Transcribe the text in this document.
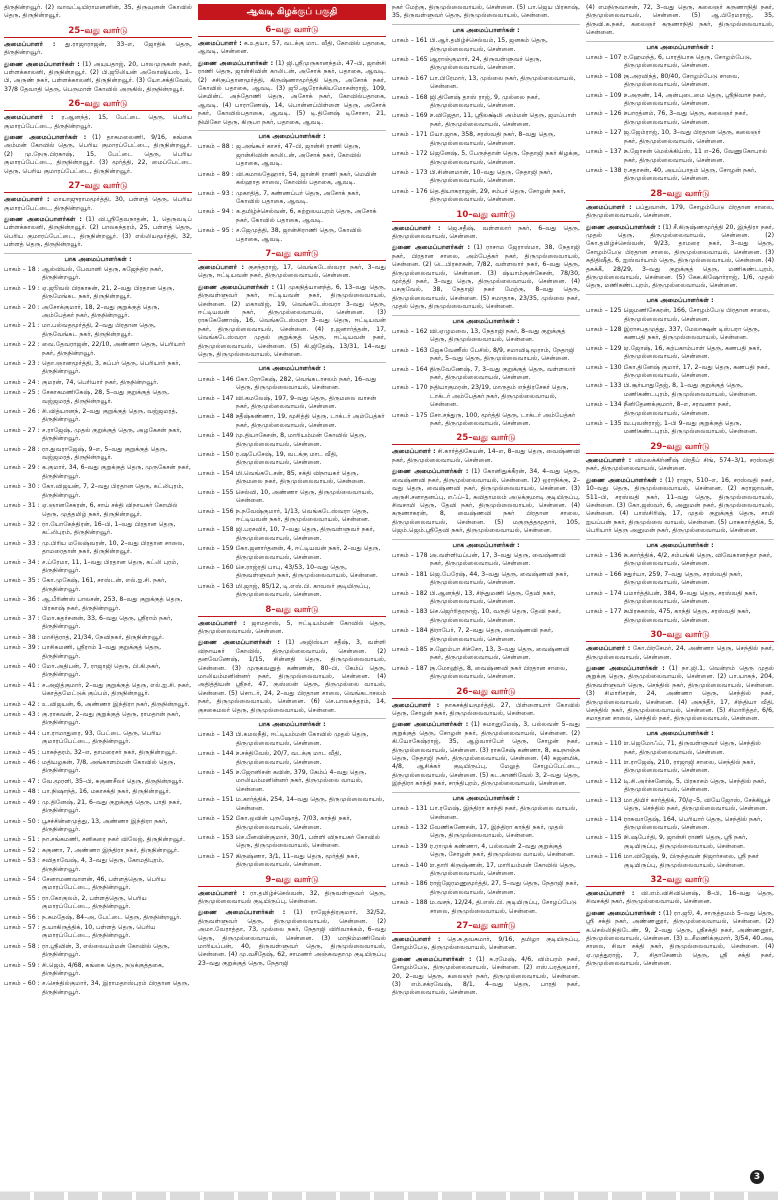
திருநின்றவூர். (2) வாவட்டியிராமனனின், 35, திருவுனன் கோவில் தெரு, திருநின்றவூர்.

25–வது வார்டு

அமைப்பாளர் : து.ராஜாராஜன், 33–எ, ஜோதிக் தெரு, திருநின்றவூர்.

துணை அமைப்பாளர்கள் : (1) அயுயதாஜ், 20, பாலமுருகன் நகர், பள்ளக்காலனி, திருநின்றவூர். (2) பி.ஜூலியன் அலோஷியஸ், 1–பி, அருண் நகர், பள்ளக்காலனி, திருநின்றவூர். (3) யோ.சக்திவேல், 37/8 தேவாதி தெரு, பெருமாள் கோவில் அருகில், திருநின்றவூர்.

26–வது வார்டு

அமைப்பாளர் : ர.ஆனந்த், 15, பேட்டை தெரு, பெரிய குமாரப்பேட்டை, திருநின்றவூர்.

துணை அமைப்பாளர்கள் : (1) தாசுமலைணி, 9/16, கங்கை அம்மன் கோவில் தெரு, பெரிய குமாரப்பேட்டை, திருநின்றவூர். (2) மு.நேரு.பிரகாஷ், 15, பேட்டை தெரு, பெரிய குமாரப்பேட்டை, திருநின்றவூர். (3) மூர்த்தி, 22, மைப்பேட்டை தெரு, பெரிய குமாரப்பேட்டை, திருநின்றவூர்.

27–வது வார்டு

அமைப்பாளர் : மாயாஜுராமமூர்த்தி, 30, பள்ளத் தெரு, பெரிய குமாரப்பேட்டை, திருநின்றவூர்.

துணை அமைப்பாளர்கள் : (1) வி.ஸ்ரீதேவநாதன், 1, தெருவடிப் பள்ளக்காலனி, திருநின்றவூர். (2) பாலசுந்தரம், 25, பள்ளத் தெரு, பெரிய குமாரப்பேட்டை, திருநின்றவூர். (3) எல்லியமூர்த்தி, 32, பள்ளத் தெரு, திருநின்றவூர்.

பாக அமைப்பாளர்கள் :
பாகம் – 18 : ஆல்வியல், பேவானி தெரு, கஜேந்திர நகர், திருநின்றவூர்.
பாகம் – 19 : ஏ.ஜூவல் பிரகாசுன், 21, 2–வது பிரதான தெரு, திருமேங்கட நகர், திருநின்றவூர்.
பாகம் – 20 : அசோக்குமார், 18, 2–வது குறுக்குத் தெரு, அம்பேத்கர் நகர், திருநின்றவூர்.
பாகம் – 21 : மா.பல்வதமூர்த்தி, 2–வது பிரதான தெரு, திருவேங்கட நகர், திருநின்றவூர்.
பாகம் – 22 : வை.தேவராஜன், 22/10, அண்ணா தெரு, பெரியார் நகர், திருநின்றவூர்.
பாகம் – 23 : தொ.ஞானமூர்த்தி, 3, சுப்பர் தெரு, பெரியார் நகர், திருநின்றவூர்.
பாகம் – 24 : குமரன், 74, பெரியார் நகர், திருநின்றவூர்.
பாகம் – 25 : சேகாகமணிகேஷ், 28, 5–வது குறுக்குத் தெரு, வஜ்ஜமரத், திருநின்றவூர்.
பாகம் – 26 : சி.வித்யானந், 2–வது குறுக்குத் தெரு, வஜ்ஜமரத், திருநின்றவூர்.
பாகம் – 27 : ச.ராஜேஷ், முதல் குறுக்குத் தெரு, அழகேசன் நகர், திருநின்றவூர்.
பாகம் – 28 : ரா.துவராஜேஷ், 9–எ, 5–வது குறுக்குத் தெரு, வஜ்ஜமரத், திருநின்றவூர்.
பாகம் – 29 : க.குமார், 34, 6–வது குறுக்குத் தெரு, முருகேசன் நகர், திருநின்றவூர்.
பாகம் – 30 : கோ.விஜயன், 7, 2–வது பிரதான தெரு, கட்லிபுரம், திருநின்றவூர்.
பாகம் – 31 : ஏ.ஞானசேகரன், 6, சாய் சக்தி விநாயகர் கோயில் தெரு, முத்தமிழ் நகர், திருநின்றவூர்.
பாகம் – 32 : ரா.யோகேந்திரன், 16–பி, 1–வது பிரதான தெரு, கட்லிபுரம், திருநின்றவூர்.
பாகம் – 33 : மு.பிரிய மலேஷ்வரன், 10, 2–வது பிரதான சாலை, தாமரைதான் நகர், திருநின்றவூர்.
பாகம் – 34 : ச.ப்ரேமா, 11, 1–வது பிரதான தெரு, கட்லி புரம், திருநின்றவூர்.
பாகம் – 35 : கோ.முகேஷ், 161, சாஸ்டன், எல்.ஐ.சி. நகர், திருநின்றவூர்.
பாகம் – 36 : ஆ.பீரிண்ஸ் பாலசன், 253, 8–வது குறுக்குத் தெரு, பிரகாஷ் நகர், திருநின்றவூர்.
பாகம் – 37 : மோ.கதர்சனன், 33, 6–வது தெரு, ஸ்ரீராம் நகர், திருநின்றவூர்.
பாகம் – 38 : மாசித்ராத், 21/34, நேவிநகர், திருநின்றவூர்.
பாகம் – 39 : பாசிகமணி, ஸ்ரீராம் 1–வது குறுக்குத் தெரு, திருநின்றவூர்.
பாகம் – 40 : மோ.அதிபன், 7, ராஜாஜி தெரு, பி.கி.நகர், திருநின்றவூர்.
பாகம் – 41 : ச.அஜித்குமார், 2–வது குறுக்குத் தெரு, எல்.ஐ.சி. நகர், கொத்தமேட்டுக் குப்பம், திருநின்றவூர்.
பாகம் – 42 : உ.விஜயன், 6, அண்ணா இந்திரா நகர், திருநின்றவூர்.
பாகம் – 43 : கு.ராகவன், 2–வது குறுக்குத் தெரு, ராமதான் நகர், திருநின்றவூர்.
பாகம் – 44 : பா.ராமாதுரை, 93, பேட்டை தெரு, பெரிய குமாரப்பேட்டை, திருநின்றவூர்.
பாகம் – 45 : பாசுந்தரம், 32–எ, தாமரைசர் நகர், திருநின்றவூர்.
பாகம் – 46 : மதியழகன், 7/8, அங்காளம்மன் கோவில் தெரு, திருநின்றவூர்.
பாகம் – 47 : வே.மூரளி, 35–பி, சுகுணசீலர் தெரு, திருநின்றவூர்.
பாகம் – 48 : பா.நிஷாந்த், 16, மகாசக்தி நகர், திருநின்றவூர்.
பாகம் – 49 : மு.தினேஷ், 21, 6–வது குறுக்குத் தெரு, பாதி நகர், திருநின்றவூர்.
பாகம் – 50 : பூசச்சின்னமுத்து, 13, அண்ணா இந்திரா நகர், திருநின்றவூர்.
பாகம் – 51 : நா.சங்கமணி, சனிகரை நகர் விலேஜ், திருநின்றவூர்.
பாகம் – 52 : சுகுணா, 7, அண்ணா இந்திரா நகர், திருநின்றவூர்.
பாகம் – 53 : சவிதாவேஷ், 4, 3–வது தெரு, கோமதிபுரம், திருநின்றவூர்.
பாகம் – 54 : சேனாமணவாளன், 46, பள்ளத்தெரு, பெரிய குமாரப்பேட்டை, திருநின்றவூர்.
பாகம் – 55 : ரா.கோகுலம், 2, பள்ளத்தெரு, பெரிய குமாரப்பேட்டை, திருநின்றவூர்.
பாகம் – 56 : ந.சுமதேஷ், 84–அ, பேட்டை தெரு, திருநின்றவூர்.
பாகம் – 57 : த.யாகிருத்திக், 10, பள்ளத் தெரு, பெரிய குமாரப்பேட்டை, திருநின்றவூர்.
பாகம் – 58 : ரா.ஸ்ரீவின், 3, எல்லையம்மன் கோவில் தெரு, திருநின்றவூர்.
பாகம் – 59 : சி.ஜெம், 4/68, கங்கை தெரு, நடுக்குத்தகை, திருநின்றவூர்.
பாகம் – 60 : ச.செந்தில்குமார், 34, இராமதாஸ்புரம் பிரதான தெரு, திருநின்றவூர்.
ஆவடி கிழக்குப் பகுதி
6–வது வார்டு

அமைப்பாளர் : க.உதயா, 57, வடக்கு மாட வீதி, கோவில் பதாகை, ஆவடி, சென்னை.

துணை அமைப்பாளர்கள் : (1) ஜி.ஸ்ரீமுருகானந்தம், 47–பி, ஜான்சி ராணி தெரு, ஜான்சிவின் காலிடன், அசோக் நகர், பதாகை, ஆவடி. (2) சசிகுப்தானமூர்த்தி, கிருஷ்ணாமூர்த்தி தெரு, அசோக் நகர், கோவில் பதாகை, ஆவடி. (3) ஜூ.ஆரோக்கியமோசன்ராஜ், 109, செயின்ட் அந்தோணி தெரு, அசோக் நகர், கோவில்பதாகை, ஆவடி. (4) பாராணேஷ், 14, பொன்னப்பிள்ளை தெரு, அசோக் நகர், கோவில்பதாகை, ஆவடி. (5) டி.தினேஷ் டிசோசா, 21, நியிகோ தெரு, கிருபா நகர், பதாகை, ஆவடி.

பாக அமைப்பாளர்கள் :
பாகம் – 88 : ஜ.அங்கூர் காசர், 47–பி, ஜான்சி ராணி தெரு, ஜான்சிவின் காலிடன், அசோக் நகர், கோவில் பதாகை, ஆவடி.
பாகம் – 89 : வி.கமாலதேஹார், 54, ஜான்சி ராணி நகர், மெயின் கல்ஹாத சாலை, கோவில் பதாகை, ஆவடி.
பாகம் – 93 : முகாதித், 7, கண்ணப்பர் தெரு, அசோக் நகர், கோவில் பதாகை, ஆவடி.
பாகம் – 94 : க.தமிழ்ச்செல்வன், 6, சுற்றுலயபுரம் தெரு, அசோக் நகர், கோவில் பதாகை, ஆவடி.
பாகம் – 95 : ச.ஜேமுத்தி, 38, ஜான்சிராணி தெரு, கோவில் பதாகை, ஆவடி.
7–வது வார்டு

அமைப்பாளர் : குசந்தராஜ், 17, வெங்கடேஸ்வரா நகர், 3–வது தெரு, ஈட்டியவன் நகர், திருமுல்லைவாயல், சென்னை.

துணை அமைப்பாளர்கள் : (1) முகநித்யானந்த், 6, 13–வது தெரு, திருவள்ளுவர் நகர், ஈட்டியவன் நகர், திருமுல்லைவாயல், சென்னை. (2) மகாவிஜ், 19, வெங்கடேஸ்வரா 3–வது தெரு, ஈட்டியவன் நகர், திருமுல்லைவாயல், சென்னை. (3) ராசுகேணோஷ், 16, வெங்கடேஸ்வரா 3–வது தெரு, ஈட்டியவன் நகர், திருமுல்லைவாயல், சென்னை. (4) ர.ஜனார்த்தன், 17, வெங்கடேஸ்வரா முதல் குறுக்குத் தெரு, ஈட்டியவன் நகர், திருமுல்லைவாயல், சென்னை. (5) கி.ஜிதேஷ், 13/31, 14–வது தெரு, திருமுல்லைவாயல், சென்னை.

பாக அமைப்பாளர்கள் :
பாகம் – 146 :
கோ.ரோகேஷ், 282, வெங்கடாசலம் நகர், 16–வது தெரு, திருமுல்லைவாயல், சென்னை.
பாகம் – 147 :
வி.கமலேஷ், 197, 9–வது தெரு, திருமலை வாசன் நகர், திருமுல்லைவாயல், சென்னை.
பாகம் – 148 :
சதீஷ்கண்ணா, 19, மூசித்தி தெரு, டாக்டர் அம்பேத்கர் நகர், திருமுல்லைவாயல், சென்னை.
பாகம் – 149 :
மு.தியாகேசன், 8, மாரியம்மன் கோவில் தெரு, திருமுல்லைவாயல், சென்னை.
பாகம் – 150 :
ர.ஷபேசேஷ், 19, வடக்கு மாட வீதி, திருமுல்லைவாயல், சென்னை.
பாகம் – 154 :
மி.வெங்கடேசன், 85, சக்தி விநாயகர் தெரு, திருமலை நகர், திருமுல்லைவாயல், சென்னை.
பாகம் – 155 :
செல்வி, 10, அண்ணா தெரு, திருமுல்லைவாயல், சென்னை.
பாகம் – 156 :
ந.நவேஷ்குமார், 1/13, வெங்கடேஸ்வரா தெரு, ஈட்டியவன் நகர், திருமுல்லைவாயல், சென்னை.
பாகம் – 158 :
ஜி.பரசவிர், 10, 7–வது தெரு, திருவள்ளுவர் நகர், திருமுல்லைவாயல், சென்னை.
பாகம் – 159 :
கோ.ஜனார்தனன், 4, ஈட்டியவன் நகர், 2–வது தெரு, திருமுல்லைவாயல், சென்னை.
பாகம் – 160 :
செ.ராஜ்ரதி பாபு, 43/53, 10–வது தெரு, திருவள்ளுவர் நகர், திருமுல்லைவாயல், சென்னை.
பாகம் – 163 :
மி.ஜாஜ், 85/12, டி.எஸ்.பி. காவலர் குடியிருப்பு, திருமுல்லைவாயல், சென்னை.
8–வது வார்டு

அமைப்பாளர் : ஜாமதாஸ், 5, ஈட்டியம்மன் கோவில் தெரு, திருமுல்லைவாயல், சென்னை.

துணை அமைப்பாளர்கள் : (1) அஜிஸ்யா சதீஷ், 3, வள்ளி விநாயகர் கோவில், திருமுல்லைவாயல், சென்னை. (2) தனவேணேஷ், 1/15, சின்னதி தெரு, திருமுல்லைவாயல், சென்னை. (3) முருகவனுத் கண்ணன், 80–பி, கேம்ப் தெரு, மாலியம்மனின்னர் நகர், திருமுல்லைவாயல், சென்னை. (4) அதித்தியன் ஸ்ரீநர், 47, குஸ்ஸன் தெரு, திருமுல்லை வாயல், சென்னை. (5) சொடர், 24, 2–வது பிரதான சாலை, வெங்கடாசலம் நகர், திருமுல்லைவாயல், சென்னை. (6) செ.பாலசுந்தரம், 14, குசகைமலர் தெரு, திருமுல்லைவாயல், சென்னை.

பாக அமைப்பாளர்கள் :
பாகம் – 143 :
பி.கமலநீதி, ஈட்டியம்மன் கோவில் முதல் தெரு, திருமுல்லைவாயல், சென்னை.
பாகம் – 144 :
ச.சக்திவேல், 20/7, வடக்கு மாட வீதி, திருமுல்லைவாயல், சென்னை.
பாகம் – 145 :
ச.ஜோனிசன் கவின், 379, கேம்ப் 4–வது தெரு, மாலியம்மனின்னர் நகர், திருமுல்லை வாயல், சென்னை.
பாகம் – 151 :
ம.கார்த்திக், 254, 14–வது தெரு, திருமுல்லைவாயல், சென்னை.
பாகம் – 152 :
கோ.ஒவின் புருஷோத், 7/03, காந்தி நகர், திருமுல்லைவாயல், சென்னை.
பாகம் – 153 :
செ.பீனவின்குமார், 30/1, பள்ளி விநாயகர் கோவில் தெரு, திருமுல்லைவாயல், சென்னை.
பாகம் – 157 :
கிருஷ்ணா, 3/1, 11–வது தெரு, மூர்த்தி நகர், திருமுல்லைவாயல், சென்னை.
9–வது வார்டு

அமைப்பாளர் : ரா.தமிழ்ச்செல்வன், 32, திருவள்ளுவர் தெரு, திருமுல்லைவாயல் குடியிருப்பு, சென்னை.

துணை அமைப்பாளர்கள் : (1) ராஜேந்திரகுமார், 32/52, திருவள்ளுவர் தெரு, திருமுல்லைவாயல், சென்னை. (2) அமா.வேராத்தா, 73, முல்லை நகர், நேதாஜி விரிவாக்கம், 6–வது தெரு, திருமுல்லைவாயல், சென்னை. (3) மாநிம்மணிவேல் மாரியப்பன், 40, திருவள்ளுவர் தெரு, திருமுல்லைவாயல், சென்னை. (4) மு.வசீதேஷ், 62, சாமணர் அஞ்சுவதாமு குடியிருப்பு 23–வது குறுக்குத் தெரு, நேதாஜி

நகர் மேற்கு, திருமுல்லைவாயல், சென்னை. (5) பா.ஜெய பிரகாஷ், 35, திருவள்ளுவர் தெரு, திருமுல்லைவாயல், சென்னை.

பாக அமைப்பாளர்கள் :
பாகம் – 161 :
பி.ஆர்.தமிழ்ச்செல்வம், 15, ஜனகம் தெரு, திருமுல்லைவாயல், சென்னை.
பாகம் – 165 :
ஆராஞ்குமார், 24, திருவள்ளுவர் தெரு, திருமுல்லைவாயல், சென்னை.
பாகம் – 167 :
பா.பிரேமார், 13, முல்லை நகர், திருமுல்லைவாயல், சென்னை.
பாகம் – 168 :
ஜி.தினேஷ் தாஸ் ராஜ், 9, முல்லை நகர், திருமுல்லைவாயல், சென்னை.
பாகம் – 169 :
ச.விஜேதா, 11, ஸ்ரீலக்ஷ்மி அம்மன் தெரு, ஜமப்பாள் நகர், திருமுல்லைவாயல், சென்னை.
பாகம் – 171 :
யோ.ஜாசு, 358, சரஸ்வதி நகர், 8–வது தெரு, திருமுல்லைவாயல், சென்னை.
பாகம் – 172 :
ஜெனேஷ், 5, பேருந்தான் தெரு, நேதாஜி நகர் கிழக்கு, திருமுல்லைவாயல், சென்னை.
பாகம் – 173 :
பி.சின்னமான், 10–வது தெரு, நேதாஜி நகர், திருமுல்லைவாயல், சென்னை.
பாகம் – 176 :
தெ.தியாகராஜன், 29, சம்பர் தெரு, சோழன் நகர், திருமுல்லைவாயல், சென்னை.
10–வது வார்டு

அமைப்பாளர் : ஜெ.சதீஷ், வள்ளலார் நகர், 6–வது தெரு, திருமுல்லைவாயல், சென்னை.

துணை அமைப்பாளர்கள் : (1) ராசாம ஜேராஸ்மா, 38, நேதாஜி நகர், பிரதான சாலை, அம்பேத்கர் நகர், திருமுல்லைவாயல், சென்னை. (2) டெ.பிரகாசுன், 7/82, வள்ளலார் நகர், 6–வது தெரு, திருமுல்லைவாயல், சென்னை. (3) ஷ்யாம்குன்கேசன், 78/30, மூர்த்தி நகர், 3–வது தெரு, திருமுல்லைவாயல், சென்னை. (4) பசகுவேல், 38, நேதாஜி நகர் மேற்கு, 8–வது தெரு, திருமுல்லைவாயல், சென்னை. (5) சமாதாசு, 23/35, முல்லை நகர், முதல் தெரு, திருமுல்லைவாயல், சென்னை.

பாக அமைப்பாளர்கள் :
பாகம் – 162 :
வி.ஏழுமலை, 13, நேதாஜி நகர், 8–வது குறுக்குத் தெரு, திருமுல்லைவாயல், சென்னை.
பாகம் – 163 :
ஜேசுவேணீஸ் பேசில், 8/9, சமாவிடிமூராம், நேதாஜி நகர், 5–வது தெரு, திருமுல்லைவாயல், சென்னை.
பாகம் – 164 :
திருவேணேஷ், 7, 3–வது குறுக்குத் தெரு, வள்ளலார் நகர், திருமுல்லைவாயல், சென்னை.
பாகம் – 170 :
நதியாகுமரன், 23/19, மாருதம் எந்திரசேகர் தெரு, டாக்டர் அம்பேத்கர் நகர், திருமுல்லைவாயல், சென்னை.
பாகம் – 175 :
சோ.சந்துரு, 100, மூர்த்தி தெரு, டாக்டர் அம்பேத்கர் நகர், திருமுல்லைவாயல், சென்னை.
25–வது வார்டு

அமைப்பாளர் : சி.கார்த்திகேயன், 14–எ, 8–வது தெரு, வைஷ்ணவி நகர், திருமுல்லைவாயல், சென்னை.

துணை அமைப்பாளர்கள் : (1) கோனிதுக்கீரன், 34, 4–வது தெரு, வைஷ்ணவி நகர், திருமுல்லைவாயல், சென்னை. (2) ஒராநிக்கு, 2–வது தெரு, வைஷ்ணவி நகர், திருமுல்லைவாயல், சென்னை. (3) அருசி.சனாதனப்பு, எஃப்–1, சுவிதாமலம் அடுக்குமாடி குடியிருப்பு, சிவசாமி தெரு, தேவி நகர், திருமுல்லைவாயல், சென்னை. (4) கருணாகரன், 8, வைஷ்ணவி நகர் பிரதான சாலை, திருமுல்லைவாயல், சென்னை. (5) மகுருத்தமூதார், 105, ஜெம்.ஜெம்.ஸ்ரீதேவி நகர், திருமுல்லைவாயல், சென்னை.

பாக அமைப்பாளர்கள் :
பாகம் – 178 :
அ.வள்ளியப்பன், 17, 3–வது தெரு, வைஷ்ணவி நகர், திருமுல்லைவாயல், சென்னை.
பாகம் – 181 :
ஜெ.பேரேஷ், 44, 3–வது தெரு, வைஷ்ணவி நகர், திருமுல்லைவாயல், சென்னை.
பாகம் – 182 :
பி.ஆனந்தி, 13, சிந்துமணி தெரு, தேவி நகர், திருமுல்லைவாயல், சென்னை.
பாகம் – 183 :
செ.ஜெர்ரிதரநாஜ், 10, வருதி தெரு, தேவி நகர், திருமுல்லைவாயல், சென்னை.
பாகம் – 184 :
திராபேர், 7, 2–வது தெரு, வைஷ்ணவி நகர், திருமுல்லைவாயல், சென்னை.
பாகம் – 185 :
ச.ஹேம்பா சிச்சோ, 13, 3–வது தெரு, வைஷ்ணவி நகர், திருமுல்லைவாயல், சென்னை.
பாகம் – 187 :
கு.மோஹித், 8, வைஷ்ணவி நகர் பிரதான சாலை, திருமுல்லைவாயல், சென்னை.
26–வது வார்டு

அமைப்பாளர் : நாசுசக்தியமூர்த்தி, 27, பிள்ளையார் கோவில் தெரு, சோழன் நகர், திருமுல்லைவாயல், சென்னை.

துணை அமைப்பாளர்கள் : (1) சுமானுமேஷ், 3, பல்லவன் 5–வது குறுக்குத் தெரு, சோழன் நகர், திருமுல்லைவாயல், சென்னை. (2) கி.யோகேஷ்ராஜ், 35, ஆழ்வார்பேர் தெரு, சோழன் நகர், திருமுல்லைவாயல், சென்னை. (3) ராசுசேஷ் கண்ணா, 8, சுயநாஞ்சு தெரு, நேதாஜி நகர், திருமுல்லைவாயல், சென்னை. (4) சுஜனமிக், 4/8, ஆசிக்கர் குடியிருப்பு, மேலுத் சோழப்பேட்டை, திருமுல்லைவாயல், சென்னை. (5) கட.காணிவேல் 3, 2–வது தெரு, இந்திரா காந்தி நகர், சாந்திபுரம், திருமுல்லைவாயல், சென்னை.

பாக அமைப்பாளர்கள் :
பாகம் – 131 :
பா.ரமேஷ், இந்திரா காந்தி நகர், திருமுல்லை வாயல், சென்னை.
பாகம் – 132 :
வேணிகணேசன், 17, இந்திரா காந்தி நகர், முதல் தெரு, திருமுல்லைவாயல், சென்னை.
பாகம் – 139 :
ர.ராமுக் கண்ணா, 4, பல்லவன் 2–வது குறுக்குத் தெரு, சோழன் நகர், திருமுல்லை வாயல், சென்னை.
பாகம் – 140 :
எ.தாரி கிருஷ்ணன், 17, மாரியம்மன் கோவில் தெரு, திருமுல்லைவாயல், சென்னை.
பாகம் – 186 :
ராஜ்ஜேரமணுமூர்த்தி, 27, 5–வது தெரு, நேதாஜி நகர், திருமுல்லைவாயல், சென்னை.
பாகம் – 188 :
ம.வசந், 12/24, தி.எஸ்.பி. குடியிருப்பு, சோழப்பேடு சாலை, திருமுல்லைவாயல், சென்னை.
27–வது வார்டு

அமைப்பாளர் : தெ.சு.தவசுமார், 9/16, தமிழா குடியிருப்பு, சோழம்பேடு, திருமுல்லைவாயல், சென்னை.

துணை அமைப்பாளர்கள் : (1) சு.ரமேஷ், 4/6, விம்பரம் நகர், சோழம்பேடு, திருமுல்லைவாயல், சென்னை. (2) எஸ்.பரத்குமார், 20, 2–வது தெரு, கலைஞர் நகர், திருமுல்லைவாயல், சென்னை. (3) எம்.சக்ரவேஷ், 8/1, 4–வது தெரு, பாரதி நகர், திருமுல்லைவாயல், சென்னை.

(4) எமநிருவாசன், 72, 3–வது தெரு, கலைஞர் கருணாநிதி நகர், திருமுல்லைவாயல், சென்னை. (5) ஆ.பிரேமராஜ், 35, திருவி.க.நகர், கலைஞர் கருணாநிதி நகர், திருமுல்லைவாயல், சென்னை.

பாக அமைப்பாளர்கள் :
பாகம் – 107 :
ர.ஹேமந்த், 6, பாரதிபாசு தெரு, சோழம்பேடு, திருமுல்லைவாயல், சென்னை.
பாகம் – 108 :
கு.அரவிந்த், 80/40, சோழம்பேடு சாலை, திருமுல்லைவாயல், சென்னை.
பாகம் – 109 :
ச.அருண், 14, அன்புடைமை தெரு, ஸ்ரீநிவாச நகர், திருமுல்லைவாயல், சென்னை.
பாகம் – 126 :
சபாரத்னம், 76, 3–வது தெரு, கலைஞர் நகர், திருமுல்லைவாயல், சென்னை.
பாகம் – 127 :
ஜ.ஜேம்ராஜ், 10, 3–வது பிரதான தெரு, கலைஞர் நகர், திருமுல்லைவாயல், சென்னை.
பாகம் – 137 :
சு.ஜோசன் மெல்க்கிய்ஸ், 11 எ–26, வேணுகோபால் நகர், திருமுல்லைவாயல், சென்னை.
பாகம் – 138 :
ர.சதாசன், 40, அயப்பாதம் தெரு, சோழன் நகர், திருமுல்லைவாயல், சென்னை.
28–வது வார்டு

அமைப்பாளர் : பப்துவான், 179, சோழம்பேடு பிரதான சாலை, திருமுல்லைவாயல், சென்னை.

துணை அமைப்பாளர்கள் : (1) சீ.கிருஷ்ணமூர்த்தி 20, இந்திரா நகர், முதல் தெரு, திருமுல்லைவாயல், சென்னை. (2) கோ.தமிழ்ச்செல்வன், 9/23, தாமரை நகர், 3–வது தெரு, சோழம்பேடு பிரதான சாலை, திருமுல்லைவாயல், சென்னை. (3) சுதிதிஷீத், 6, ஐஸ்வர்யாம் தெரு, திருமுல்லைவாயல், சென்னை. (4) தசுக்கீ, 28/29, 3–வது குறுக்குத் தெரு, மணிகண்டபுரம், திருமுல்லைவாயல், சென்னை. (5) கேசு.கிஷோர்ராஜ், 1/6, முதல் தெரு, மணிகண்டபுரம், திருமுல்லைவாயல், சென்னை.

பாக அமைப்பாளர்கள் :
பாகம் – 125 :
ஜெமணிசேகரன், 166, சோழம்பேடு பிரதான சாலை, திருமுல்லைவாயல், சென்னை.
பாகம் – 128 :
இராசபதமுத்து, 337, மேலாக்ஷன் டிஸ்பரா தெரு, கணபதி நகர், திருமுல்லைவாயல், சென்னை.
பாகம் – 129 :
ஏ.ஜோஷ், 16, கற்பகாம்பாள் தெரு, கணபதி நகர், திருமுல்லைவாயல், சென்னை.
பாகம் – 130 :
கோ.தினேஷ் குமார், 17, 2–வது தெரு, கணபதி நகர், திருமுல்லைவாயல், சென்னை.
பாகம் – 133 :
பி.சூர்யாதுதேஜ், 8, 1–வது குறுக்குத் தெரு, மணிகண்டபுரம், திருமுல்லைவாயல், சென்னை.
பாகம் – 134 :
நீனிதேணக்குமார், 8–எ, சரவணா நகர், திருமுல்லைவாயல், சென்னை.
பாகம் – 135 :
வ.புவன்ராஜ், 1–பி 9–வது குறுக்குத் தெரு, மணிகண்டபுரம், திருமுல்லைவாயல், சென்னை.
29–வது வார்டு

அமைப்பாளர் : விமலக்கிர்ணீஷ் பிரதீப் சிங், 574–3/1, சரஸ்வதி நகர், திருமுல்லைவாயல், சென்னை.

துணை அமைப்பாளர்கள் : (1) ராஜு, 510–எ, 16, சரஸ்வதி நகர், 10–வது தெரு, திருமுல்லைவாயல், சென்னை. (2) சுராஜாவன், 511–பி, சரஸ்வதி நகர், 11–வது தெரு, திருமுல்லைவாயல், சென்னை. (3) கோ.ஜஸ்வர், 6, அனுமன் நகர், திருமுல்லைவாயல், சென்னை. (4) பாஸ்சிரிஷ், 17, முதல் குறுக்குத் தெரு, சாமி ஐயப்பன் நகர், திருமுல்லை வாயல், சென்னை. (5) பாசுகார்த்திக், 5, பெரியார் தெரு அனுமன் நகர், திருமுல்லைவாயல், சென்னை.

பாக அமைப்பாளர்கள் :
பாகம் – 136 :
க.கார்த்திக், 4/2, சம்பங்கி தெரு, விவேகானந்தா நகர், திருமுல்லைவாயல், சென்னை.
பாகம் – 166 :
சதுர்யா, 259, 7–வது தெரு, சரஸ்வதி நகர், திருமுல்லைவாயல், சென்னை.
பாகம் – 174 :
பமார்த்திபன், 384, 9–வது தெரு, சரஸ்வதி நகர், திருமுல்லைவாயல், சென்னை.
பாகம் – 177 :
சுபிரசுகாஸ், 475, காந்தி தெரு, சரஸ்வதி நகர், திருமுல்லைவாயல், சென்னை.
30–வது வார்டு

அமைப்பாளர் : கோ.பிரசேமர், 24, அண்ணா தெரு, செந்தில் நகர், திருமுல்லைவாயல், சென்னை.

துணை அமைப்பாளர்கள் : (1) நா.ஜி.1, வென்றம் தெரு முதல் குறுக்கு தெரு, திருமுல்லைவாயல், சென்னை. (2) பா.யாசுந், 204, திருவள்ளுவர் தெரு, செந்தில் நகர், திருமுல்லைவாயல், சென்னை. (3) சிமாரிசரன், 24, அண்ணா தெரு, செந்தில் நகர், திருமுல்லைவாயல், சென்னை. (4) அசுந்தீர், 17, சிந்தியா வீதி, செந்தில் நகர், திருமுல்லைவாயல், சென்னை. (5) சிமாரித்தர், 6/6, சமாதான சாலை, செந்தில் நகர், திருமுல்லைவாயல், சென்னை.

பாக அமைப்பாளர்கள் :
பாகம் – 110 :
எ.ஜெமோஃப், 71, திருவள்ளுவர் தெரு, செந்தில் நகர், திருமுல்லைவாயல், சென்னை.
பாகம் – 111 :
எ.ராஜேஷ், 210, ராஜாஜி சாலை, செந்தில் நகர், திருமுல்லைவாயல், சென்னை.
பாகம் – 112 :
டி.சி.அர்ச்சனேஷ், 5, பிரகாசம் தெரு, செந்தில் நகர், திருமுல்லைவாயல், சென்னை.
பாகம் – 113 :
மா.தியிர் கார்த்திக், 70/ஏ–5, வியேஜோஸ், சேக்கியூச் தெரு, செந்தில் நகர், திருமுல்லைவாயல், சென்னை.
பாகம் – 114 :
ராசுவாதேஷ், 164, பெரியார் தெரு, செந்தில் நகர், திருமுல்லைவாயல், சென்னை.
பாகம் – 115 :
சி.ஷபேர்தி, 9, ஜான்சி ராணி தெரு, ஸ்ரீ நகர், குடியிருப்பு, திருமுல்லைவாயல், சென்னை.
பாகம் – 116 :
மா.விஜேஷ், 9, பிருந்தவன் நிஜார்சலை, ஸ்ரீ நகர் குடியிருப்பு, திருமுல்லைவாயல், சென்னை.
32–வது வார்டு

அமைப்பாளர் : வி.எம்.விசிவினெஷ், 8–பி, 16–வது தெரு, சிவசக்தி நகர், திருமுல்லைவாயல், சென்னை.

துணை அமைப்பாளர்கள் : (1) ரா.ஜூ, 4, சாருத்தமம் 5–வது தெரு, ஸ்ரீ சக்தி நகர், அண்ணனூர், திருமுல்லைவாயல், சென்னை. (2) க.செல்லிநிதிடேண், 9, 2–வது தெரு, ஸ்ரீசக்தி நகர், அண்ணனூர், திருமுல்லைவாயல், சென்னை. (3) உ.சீமணிக்குமார், 3/54, 40.அடி சாலை, சிவா சக்தி நகர், திருமுல்லைவாயல், சென்னை. (4) ஏ.முத்துராஜ், 7, சிதாசேணம் தெரு, ஸ்ரீ சக்தி நகர், திருமுல்லைவாயல், சென்னை.

3
